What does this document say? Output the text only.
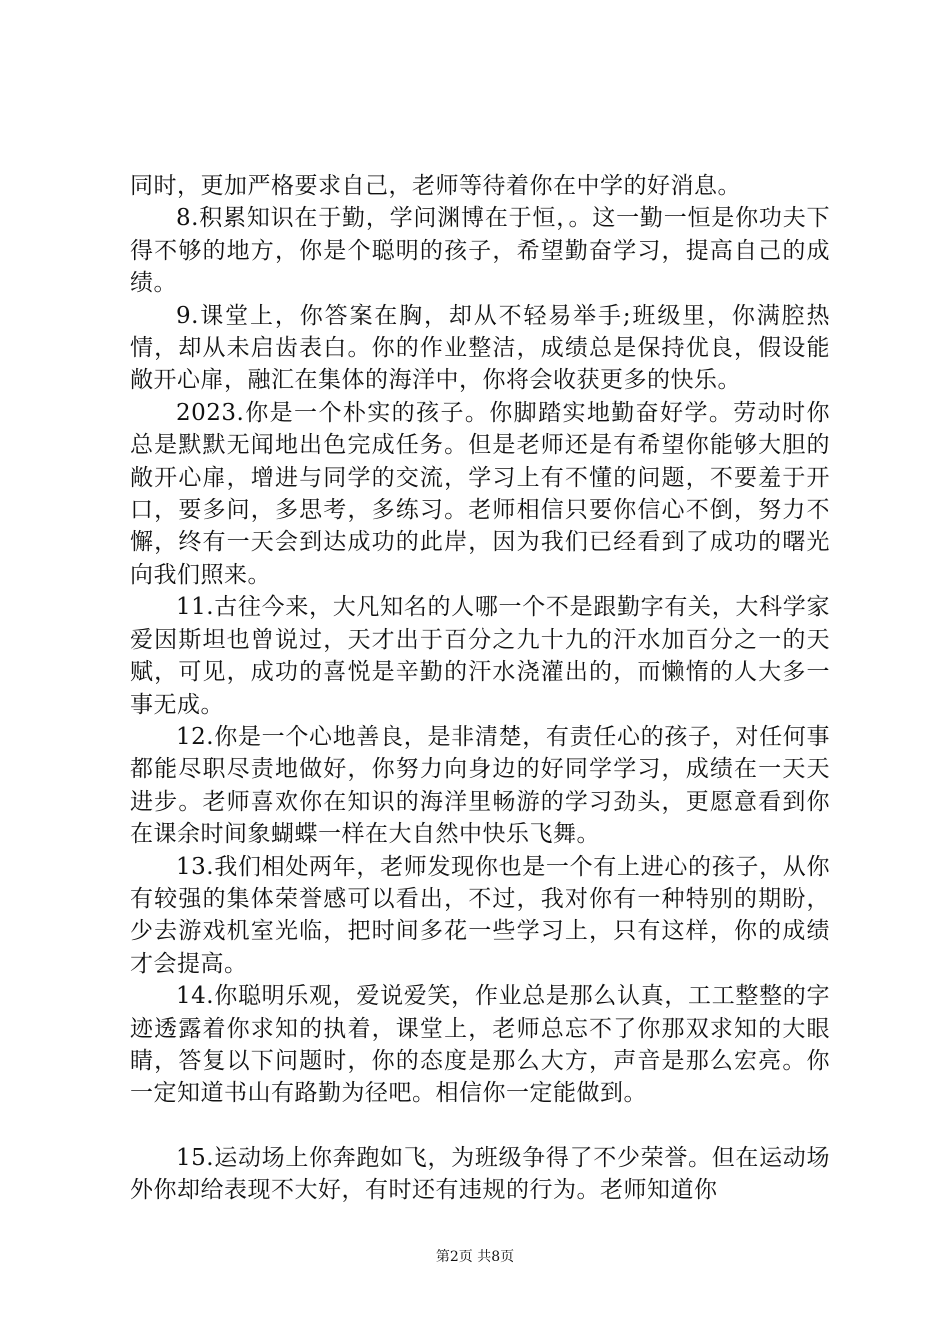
同时，更加严格要求自己，老师等待着你在中学的好消息。

8.积累知识在于勤，学问渊博在于恒，。这一勤一恒是你功夫下得不够的地方，你是个聪明的孩子，希望勤奋学习，提高自己的成绩。

9.课堂上，你答案在胸，却从不轻易举手;班级里，你满腔热情，却从未启齿表白。你的作业整洁，成绩总是保持优良，假设能敞开心扉，融汇在集体的海洋中，你将会收获更多的快乐。

2023.你是一个朴实的孩子。你脚踏实地勤奋好学。劳动时你总是默默无闻地出色完成任务。但是老师还是有希望你能够大胆的敞开心扉，增进与同学的交流，学习上有不懂的问题，不要羞于开口，要多问，多思考，多练习。老师相信只要你信心不倒，努力不懈，终有一天会到达成功的此岸，因为我们已经看到了成功的曙光向我们照来。

11.古往今来，大凡知名的人哪一个不是跟勤字有关，大科学家爱因斯坦也曾说过，天才出于百分之九十九的汗水加百分之一的天赋，可见，成功的喜悦是辛勤的汗水浇灌出的，而懒惰的人大多一事无成。

12.你是一个心地善良，是非清楚，有责任心的孩子，对任何事都能尽职尽责地做好，你努力向身边的好同学学习，成绩在一天天进步。老师喜欢你在知识的海洋里畅游的学习劲头，更愿意看到你在课余时间象蝴蝶一样在大自然中快乐飞舞。

13.我们相处两年，老师发现你也是一个有上进心的孩子，从你有较强的集体荣誉感可以看出，不过，我对你有一种特别的期盼，少去游戏机室光临，把时间多花一些学习上，只有这样，你的成绩才会提高。

14.你聪明乐观，爱说爱笑，作业总是那么认真，工工整整的字迹透露着你求知的执着，课堂上，老师总忘不了你那双求知的大眼睛，答复以下问题时，你的态度是那么大方，声音是那么宏亮。你一定知道书山有路勤为径吧。相信你一定能做到。

15.运动场上你奔跑如飞，为班级争得了不少荣誉。但在运动场外你却给表现不大好，有时还有违规的行为。老师知道你

第2页 共8页
